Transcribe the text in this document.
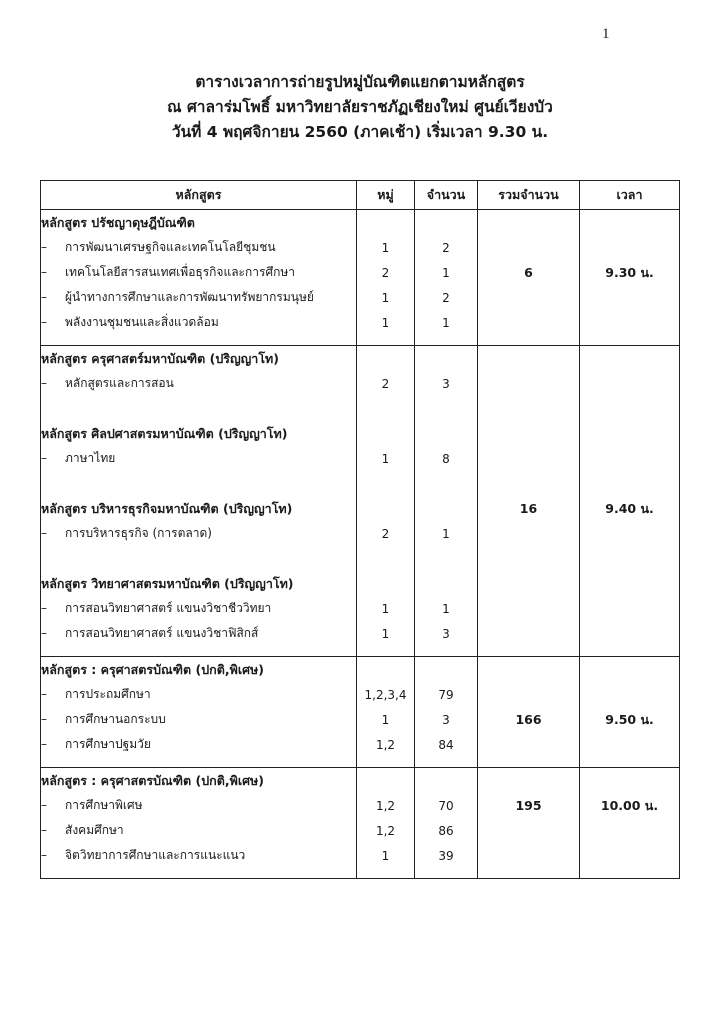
1
ตารางเวลาการถ่ายรูปหมู่บัณฑิตแยกตามหลักสูตร
ณ ศาลาร่มโพธิ์ มหาวิทยาลัยราชภัฏเชียงใหม่ ศูนย์เวียงบัว
วันที่ 4 พฤศจิกายน 2560 (ภาคเช้า) เริ่มเวลา 9.30 น.
หลักสูตร	หมู่	จำนวน	รวมจำนวน	เวลา
หลักสูตร ปรัชญาดุษฎีบัณฑิต				
– การพัฒนาเศรษฐกิจและเทคโนโลยีชุมชน	1	2		
– เทคโนโลยีสารสนเทศเพื่อธุรกิจและการศึกษา	2	1	6	9.30 น.
– ผู้นำทางการศึกษาและการพัฒนาทรัพยากรมนุษย์	1	2		
– พลังงานชุมชนและสิ่งแวดล้อม	1	1		

หลักสูตร ครุศาสตร์มหาบัณฑิต (ปริญญาโท)				
– หลักสูตรและการสอน	2	3		

หลักสูตร ศิลปศาสตรมหาบัณฑิต (ปริญญาโท)				
– ภาษาไทย	1	8		

หลักสูตร บริหารธุรกิจมหาบัณฑิต (ปริญญาโท)			16	9.40 น.
– การบริหารธุรกิจ (การตลาด)	2	1		

หลักสูตร วิทยาศาสตรมหาบัณฑิต (ปริญญาโท)				
– การสอนวิทยาศาสตร์ แขนงวิชาชีววิทยา	1	1		
– การสอนวิทยาศาสตร์ แขนงวิชาฟิสิกส์	1	3		

หลักสูตร : ครุศาสตรบัณฑิต (ปกติ,พิเศษ)				
– การประถมศึกษา	1,2,3,4	79		
– การศึกษานอกระบบ	1	3	166	9.50 น.
– การศึกษาปฐมวัย	1,2	84		

หลักสูตร : ครุศาสตรบัณฑิต (ปกติ,พิเศษ)				
– การศึกษาพิเศษ	1,2	70	195	10.00 น.
– สังคมศึกษา	1,2	86		
– จิตวิทยาการศึกษาและการแนะแนว	1	39		
